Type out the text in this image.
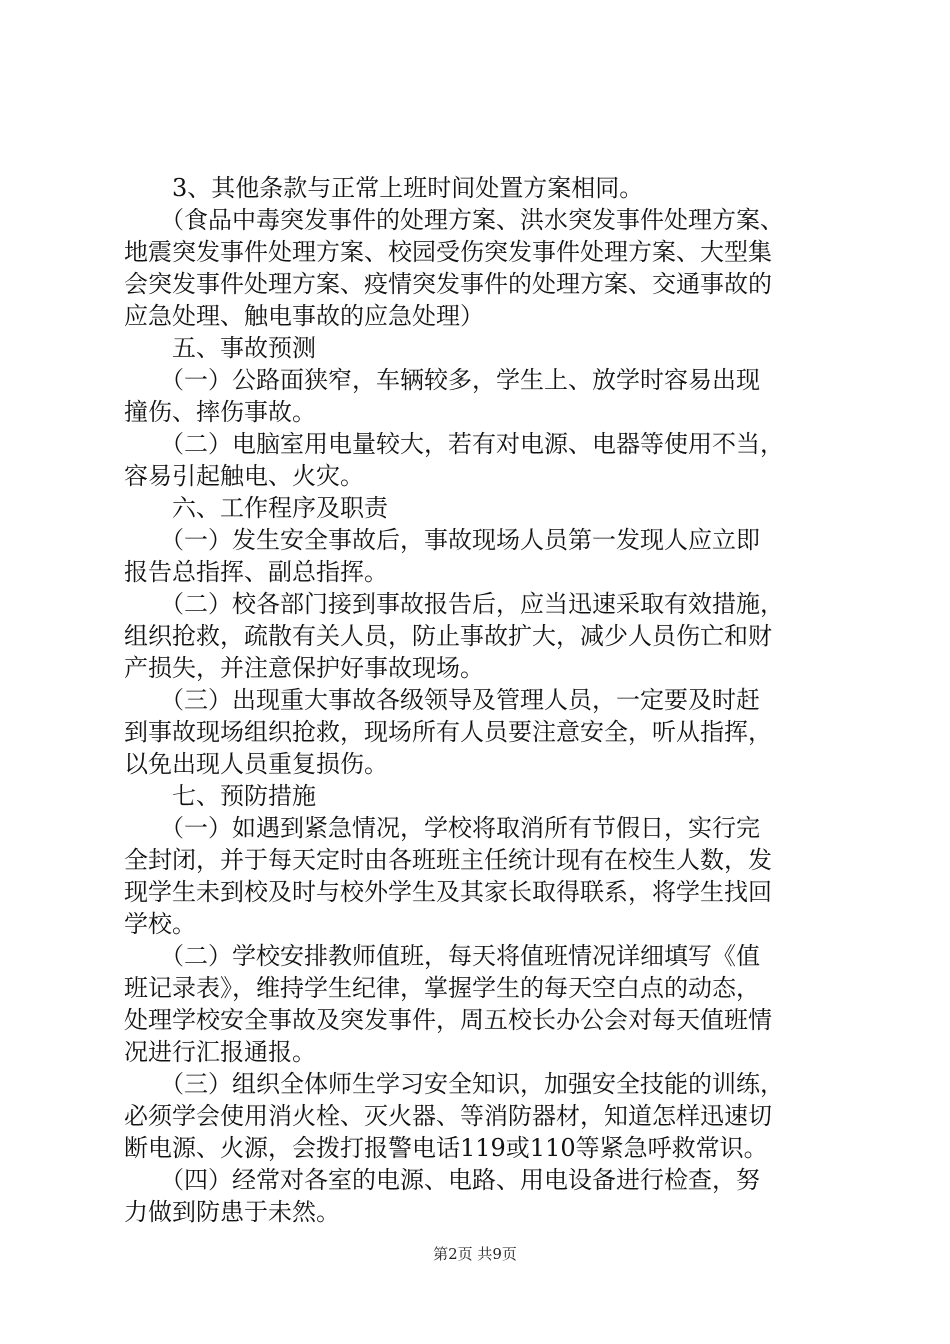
　　3、其他条款与正常上班时间处置方案相同。

　　（食品中毒突发事件的处理方案、洪水突发事件处理方案、

地震突发事件处理方案、校园受伤突发事件处理方案、大型集

会突发事件处理方案、疫情突发事件的处理方案、交通事故的

应急处理、触电事故的应急处理）

　　五、事故预测

　　（一）公路面狭窄，车辆较多，学生上、放学时容易出现

撞伤、摔伤事故。

　　（二）电脑室用电量较大，若有对电源、电器等使用不当，

容易引起触电、火灾。

　　六、工作程序及职责

　　（一）发生安全事故后，事故现场人员第一发现人应立即

报告总指挥、副总指挥。

　　（二）校各部门接到事故报告后，应当迅速采取有效措施，

组织抢救，疏散有关人员，防止事故扩大，减少人员伤亡和财

产损失，并注意保护好事故现场。

　　（三）出现重大事故各级领导及管理人员，一定要及时赶

到事故现场组织抢救，现场所有人员要注意安全，听从指挥，

以免出现人员重复损伤。

　　七、预防措施

　　（一）如遇到紧急情况，学校将取消所有节假日，实行完

全封闭，并于每天定时由各班班主任统计现有在校生人数，发

现学生未到校及时与校外学生及其家长取得联系，将学生找回

学校。

　　（二）学校安排教师值班，每天将值班情况详细填写《值

班记录表》，维持学生纪律，掌握学生的每天空白点的动态，

处理学校安全事故及突发事件，周五校长办公会对每天值班情

况进行汇报通报。

　　（三）组织全体师生学习安全知识，加强安全技能的训练，

必须学会使用消火栓、灭火器、等消防器材，知道怎样迅速切

断电源、火源，会拨打报警电话119或110等紧急呼救常识。

　　（四）经常对各室的电源、电路、用电设备进行检查，努

力做到防患于未然。

第2页 共9页
